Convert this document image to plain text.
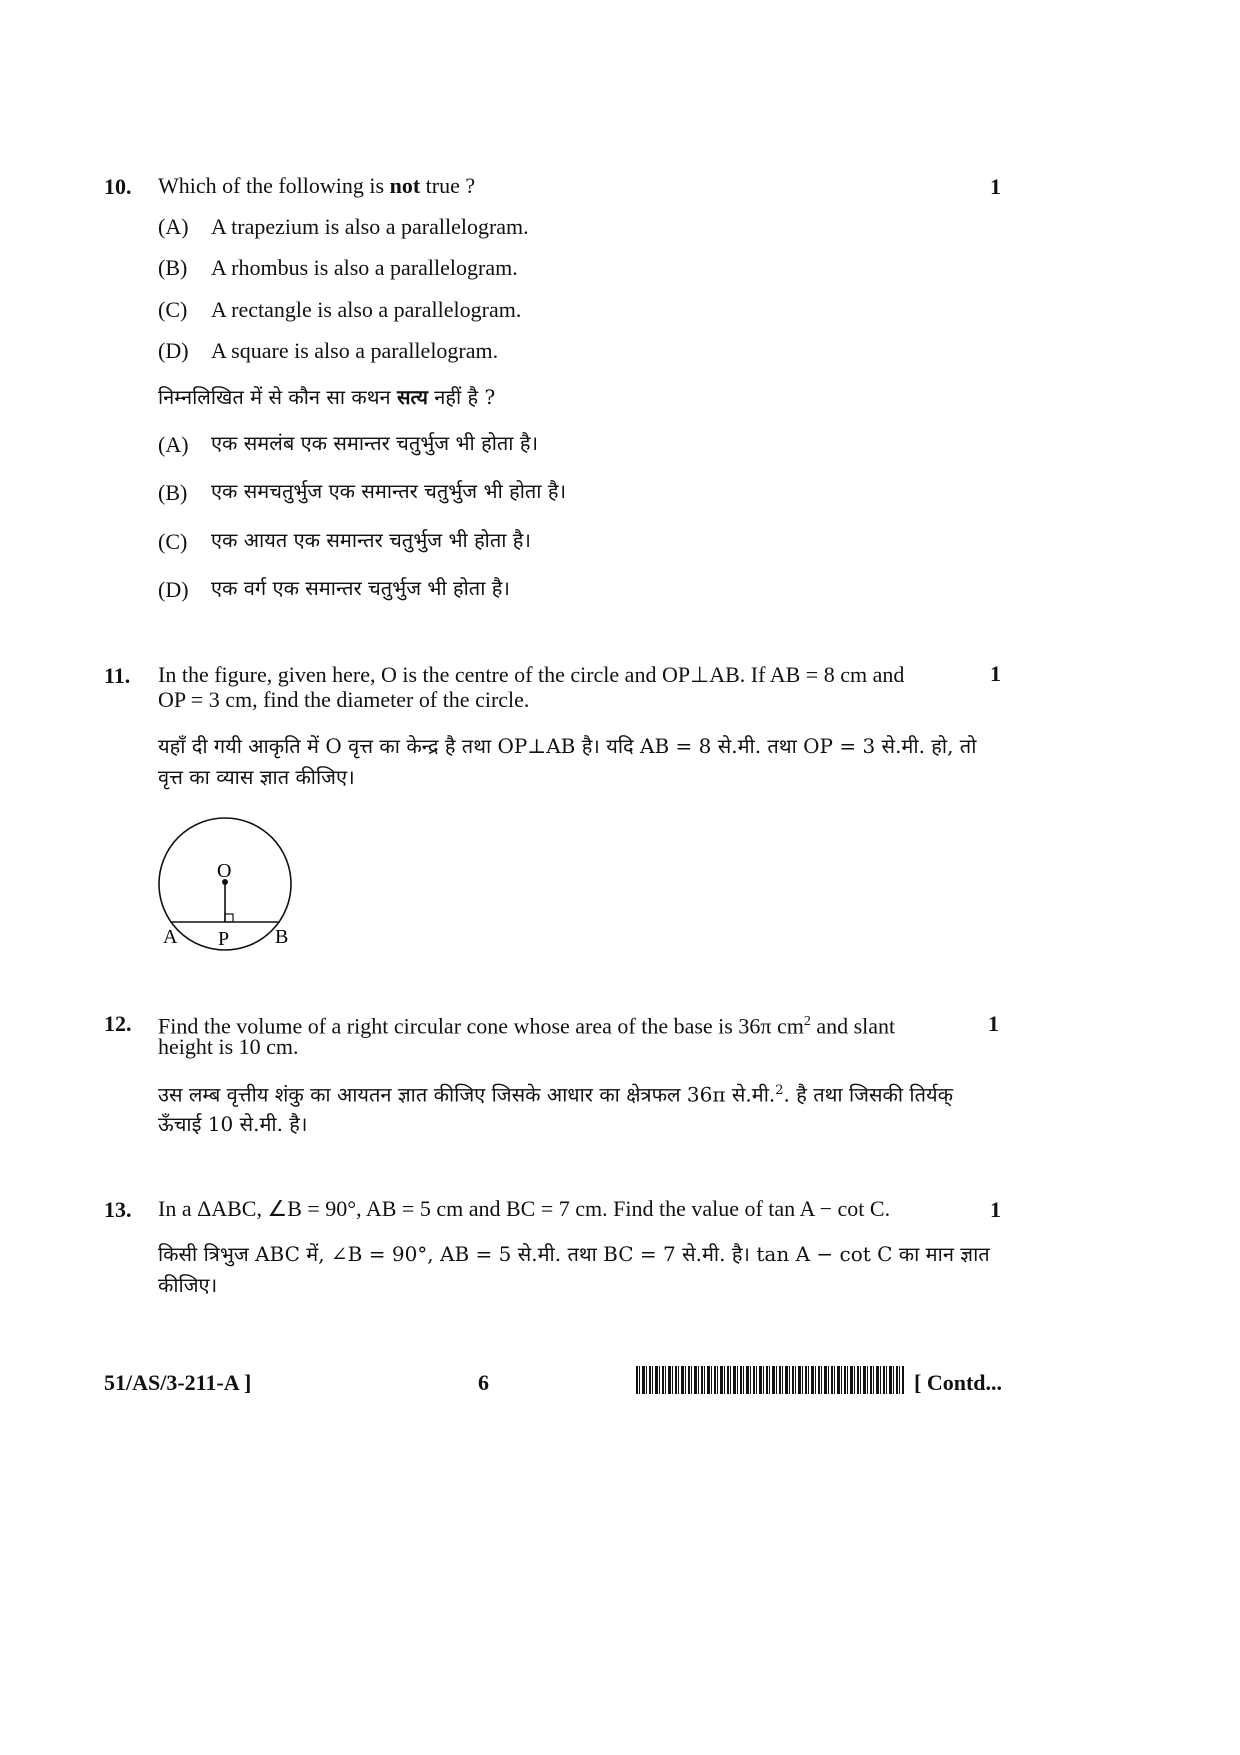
10. Which of the following is not true ?	1
(A) A trapezium is also a parallelogram.
(B) A rhombus is also a parallelogram.
(C) A rectangle is also a parallelogram.
(D) A square is also a parallelogram.
निम्नलिखित में से कौन सा कथन सत्य नहीं है ?
(A) एक समलंब एक समान्तर चतुर्भुज भी होता है।
(B) एक समचतुर्भुज एक समान्तर चतुर्भुज भी होता है।
(C) एक आयत एक समान्तर चतुर्भुज भी होता है।
(D) एक वर्ग एक समान्तर चतुर्भुज भी होता है।
11. In the figure, given here, O is the centre of the circle and OP⊥AB. If AB = 8 cm and
OP = 3 cm, find the diameter of the circle.
1
यहाँ दी गयी आकृति में O वृत्त का केन्द्र है तथा OP⊥AB है। यदि AB = 8 से.मी. तथा OP = 3 से.मी. हो, तो
वृत्त का व्यास ज्ञात कीजिए।
O
A P B
12. Find the volume of a right circular cone whose area of the base is 36π $cm^2$ and slant
height is 10 cm.
1
उस लम्ब वृत्तीय शंकु का आयतन ज्ञात कीजिए जिसके आधार का क्षेत्रफल 36π से.मी.$^2$. है तथा जिसकी तिर्यक्
ऊँचाई 10 से.मी. है।
13. In a ΔABC, ∠B = 90°, AB = 5 cm and BC = 7 cm. Find the value of tan A − cot C.	1
किसी त्रिभुज ABC में, ∠B = 90°, AB = 5 से.मी. तथा BC = 7 से.मी. है। tan A − cot C का मान ज्ञात
कीजिए।
51/AS/3-211-A ]	6	[ Contd...
